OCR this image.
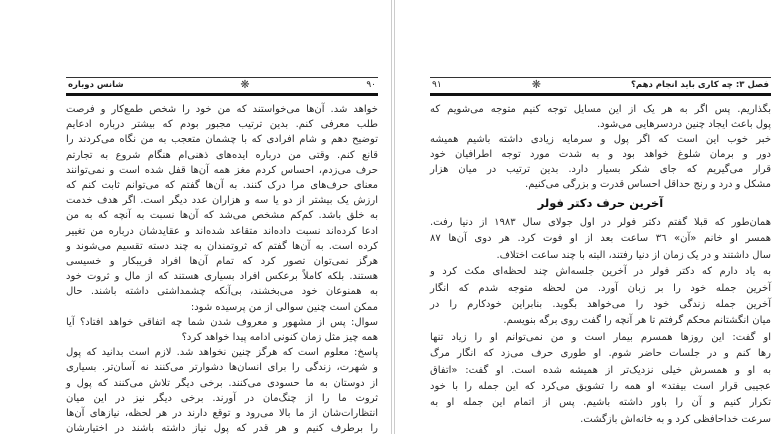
شانس دوباره	❋	٩٠
خواهد شد. آن‌ها می‌خواستند که من خود را شخص طمع‌کار و فرصت
طلب معرفی کنم. بدین ترتیب مجبور بودم که بیشتر درباره ادعایم
توضیح دهم و شام افرادی که با چشمان متعجب به من نگاه می‌کردند را
قانع کنم. وقتی من درباره ایده‌های ذهنی‌ام هنگام شروع به تجارتم
حرف می‌زدم، احساس کردم مغز همه آن‌ها قفل شده است و نمی‌توانند
معنای حرف‌های مرا درک کنند. به آن‌ها گفتم که می‌توانم ثابت کنم که
ارزش یک بیشتر از دو یا سه و هزاران عدد دیگر است. اگر هدف خدمت
به خلق باشد. کم‌کم مشخص می‌شد که آن‌ها نسبت به آنچه که به من
ادعا کرده‌اند نسبت داده‌اند متقاعد شده‌اند و عقایدشان درباره من تغییر
کرده است. به آن‌ها گفتم که ثروتمندان به چند دسته تقسیم می‌شوند و
هرگز نمی‌توان تصور کرد که تمام آن‌ها افراد فریبکار و خسیسی
هستند. بلکه کاملاً برعکس افراد بسیاری هستند که از مال و ثروت خود
به همنوعان خود می‌بخشند، بی‌آنکه چشمداشتی داشته باشند. حال
ممکن است چنین سوالی از من پرسیده شود:
سوال: پس از مشهور و معروف شدن شما چه اتفاقی خواهد افتاد؟ آیا
همه چیز مثل زمان کنونی ادامه پیدا خواهد کرد؟
پاسخ: معلوم است که هرگز چنین نخواهد شد. لازم است بدانید که پول
و شهرت، زندگی را برای انسان‌ها دشوارتر می‌کنند نه آسان‌تر. بسیاری
از دوستان به ما حسودی می‌کنند. برخی دیگر تلاش می‌کنند که پول و
ثروت ما را از چنگ‌مان در آورند. برخی دیگر نیز در این میان
انتظارات‌شان از ما بالا می‌رود و توقع دارند در هر لحظه، نیازهای آن‌ها
را برطرف کنیم و هر قدر که پول نیاز داشته باشند در اختیارشان
٩١	❋	فصل ٣: چه کاری باید انجام دهم؟
بگذاریم. پس اگر به هر یک از این مسایل توجه کنیم متوجه می‌شویم که
پول باعث ایجاد چنین دردسرهایی می‌شود.
خبر خوب این است که اگر پول و سرمایه زیادی داشته باشیم همیشه
دور و برمان شلوغ خواهد بود و به شدت مورد توجه اطرافیان خود
قرار می‌گیریم که جای شکر بسیار دارد. بدین ترتیب در میان هزار
مشکل و درد و رنج حداقل احساس قدرت و بزرگی می‌کنیم.
آخرین حرف دکتر فولر
همان‌طور که قبلا گفتم دکتر فولر در اول جولای سال ١٩٨٣ از دنیا رفت.
همسر او خانم «آن» ٣٦ ساعت بعد از او فوت کرد. هر دوی آن‌ها ٨٧
سال داشتند و در یک زمان از دنیا رفتند، البته با چند ساعت اختلاف.
به یاد دارم که دکتر فولر در آخرین جلسه‌اش چند لحظه‌ای مکث کرد و
آخرین جمله خود را بر زبان آورد. من لحظه متوجه شدم که انگار
آخرین جمله زندگی خود را می‌خواهد بگوید. بنابراین خودکارم را در
میان انگشتانم محکم گرفتم تا هر آنچه را گفت روی برگه بنویسم.
او گفت: این روزها همسرم بیمار است و من نمی‌توانم او را زیاد تنها
رها کنم و در جلسات حاضر شوم. او طوری حرف می‌زد که انگار مرگ
به او و همسرش خیلی نزدیک‌تر از همیشه شده است. او گفت: «اتفاق
عجیبی قرار است بیفتد» او همه را تشویق می‌کرد که این جمله را با خود
تکرار کنیم و آن را باور داشته باشیم. پس از اتمام این جمله او به
سرعت خداحافظی کرد و به خانه‌اش بازگشت.
